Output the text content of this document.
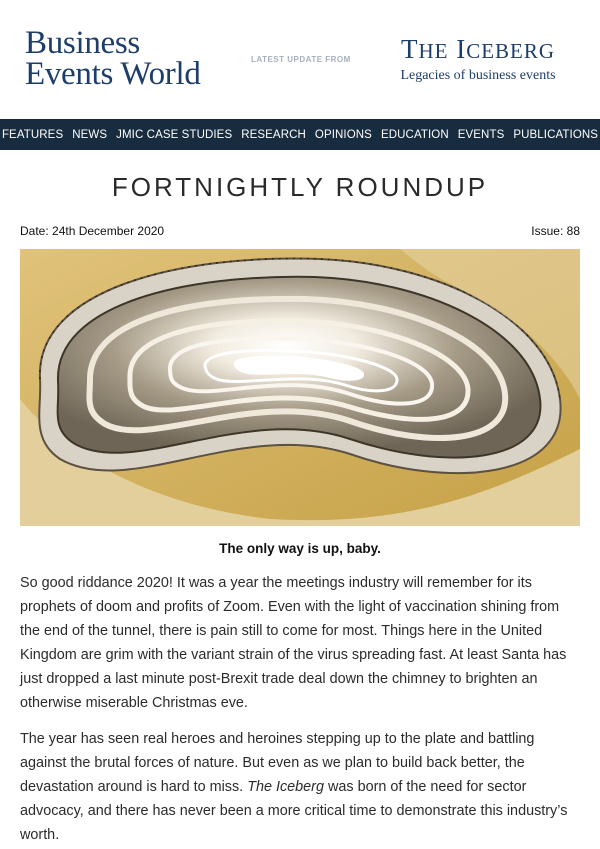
Business
Events World	LATEST UPDATE FROM	THE ICEBERG
Legacies of business events
FEATURES NEWS JMIC CASE STUDIES RESEARCH OPINIONS EDUCATION EVENTS PUBLICATIONS
FORTNIGHTLY ROUNDUP
Date: 24th December 2020	Issue: 88
The only way is up, baby.

So good riddance 2020! It was a year the meetings industry will remember for its prophets of doom and profits of Zoom. Even with the light of vaccination shining from the end of the tunnel, there is pain still to come for most. Things here in the United Kingdom are grim with the variant strain of the virus spreading fast. At least Santa has just dropped a last minute post-Brexit trade deal down the chimney to brighten an otherwise miserable Christmas eve.

The year has seen real heroes and heroines stepping up to the plate and battling against the brutal forces of nature. But even as we plan to build back better, the devastation around is hard to miss. The Iceberg was born of the need for sector advocacy, and there has never been a more critical time to demonstrate this industry’s worth.
